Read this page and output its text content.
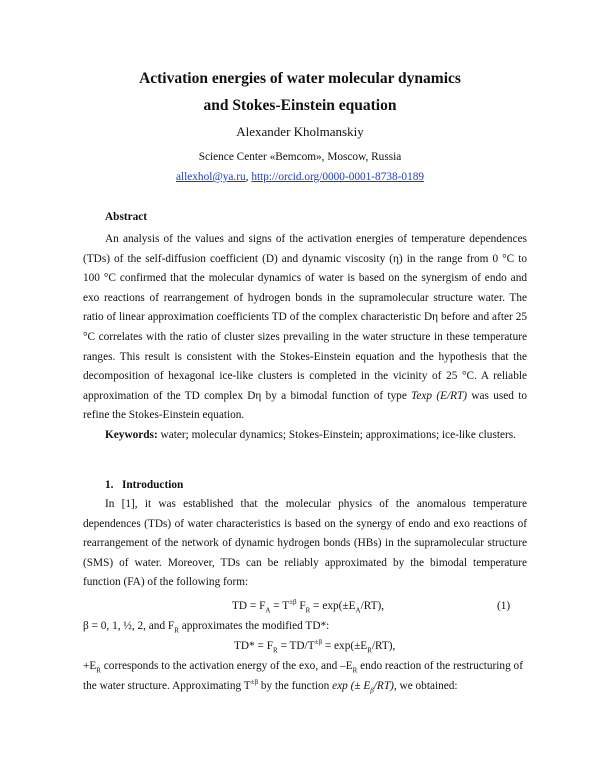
Activation energies of water molecular dynamics
and Stokes-Einstein equation
Alexander Kholmanskiy
Science Center «Bemcom», Moscow, Russia
allexhol@ya.ru, http://orcid.org/0000-0001-8738-0189
Abstract

An analysis of the values and signs of the activation energies of temperature dependences (TDs) of the self-diffusion coefficient (D) and dynamic viscosity (η) in the range from 0 °C to 100 °C confirmed that the molecular dynamics of water is based on the synergism of endo and exo reactions of rearrangement of hydrogen bonds in the supramolecular structure water. The ratio of linear approximation coefficients TD of the complex characteristic Dη before and after 25 °C correlates with the ratio of cluster sizes prevailing in the water structure in these temperature ranges. This result is consistent with the Stokes-Einstein equation and the hypothesis that the decomposition of hexagonal ice-like clusters is completed in the vicinity of 25 °C. A reliable approximation of the TD complex Dη by a bimodal function of type Texp (E/RT) was used to refine the Stokes-Einstein equation.

Keywords: water; molecular dynamics; Stokes-Einstein; approximations; ice-like clusters.

1. Introduction

In [1], it was established that the molecular physics of the anomalous temperature dependences (TDs) of water characteristics is based on the synergy of endo and exo reactions of rearrangement of the network of dynamic hydrogen bonds (HBs) in the supramolecular structure (SMS) of water. Moreover, TDs can be reliably approximated by the bimodal temperature function (FA) of the following form:

TD = $F_A = T^{\pm\beta}$ $F_R = \exp(\pm E_A/RT)$,	(1)
β = 0, 1, ½, 2, and $F_R$ approximates the modified TD*:
$TD* = F_R = TD/T^{\pm\beta} = \exp(\pm E_R/RT)$,
$+E_R$ corresponds to the activation energy of the exo, and $-E_R$ endo reaction of the restructuring of
the water structure. Approximating $T^{\pm\beta}$ by the function exp (± $E_\beta/RT$), we obtained:
